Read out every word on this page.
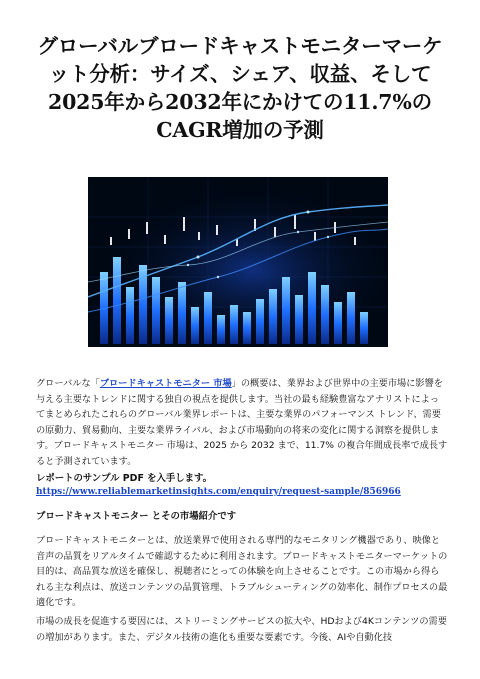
グローバルブロードキャストモニターマーケット分析：サイズ、シェア、収益、そして2025年から2032年にかけての11.7%のCAGR増加の予測
グローバルな「ブロードキャストモニター 市場」の概要は、業界および世界中の主要市場に影響を与える主要なトレンドに関する独自の視点を提供します。当社の最も経験豊富なアナリストによってまとめられたこれらのグローバル業界レポートは、主要な業界のパフォーマンス トレンド、需要の原動力、貿易動向、主要な業界ライバル、および市場動向の将来の変化に関する洞察を提供します。ブロードキャストモニター 市場は、2025 から 2032 まで、11.7% の複合年間成長率で成長すると予測されています。
レポートのサンプル PDF を入手します。
https://www.reliablemarketinsights.com/enquiry/request-sample/856966
ブロードキャストモニター とその市場紹介です
ブロードキャストモニターとは、放送業界で使用される専門的なモニタリング機器であり、映像と音声の品質をリアルタイムで確認するために利用されます。ブロードキャストモニターマーケットの目的は、高品質な放送を確保し、視聴者にとっての体験を向上させることです。この市場から得られる主な利点は、放送コンテンツの品質管理、トラブルシューティングの効率化、制作プロセスの最適化です。
市場の成長を促進する要因には、ストリーミングサービスの拡大や、HDおよび4Kコンテンツの需要の増加があります。また、デジタル技術の進化も重要な要素です。今後、AIや自動化技
